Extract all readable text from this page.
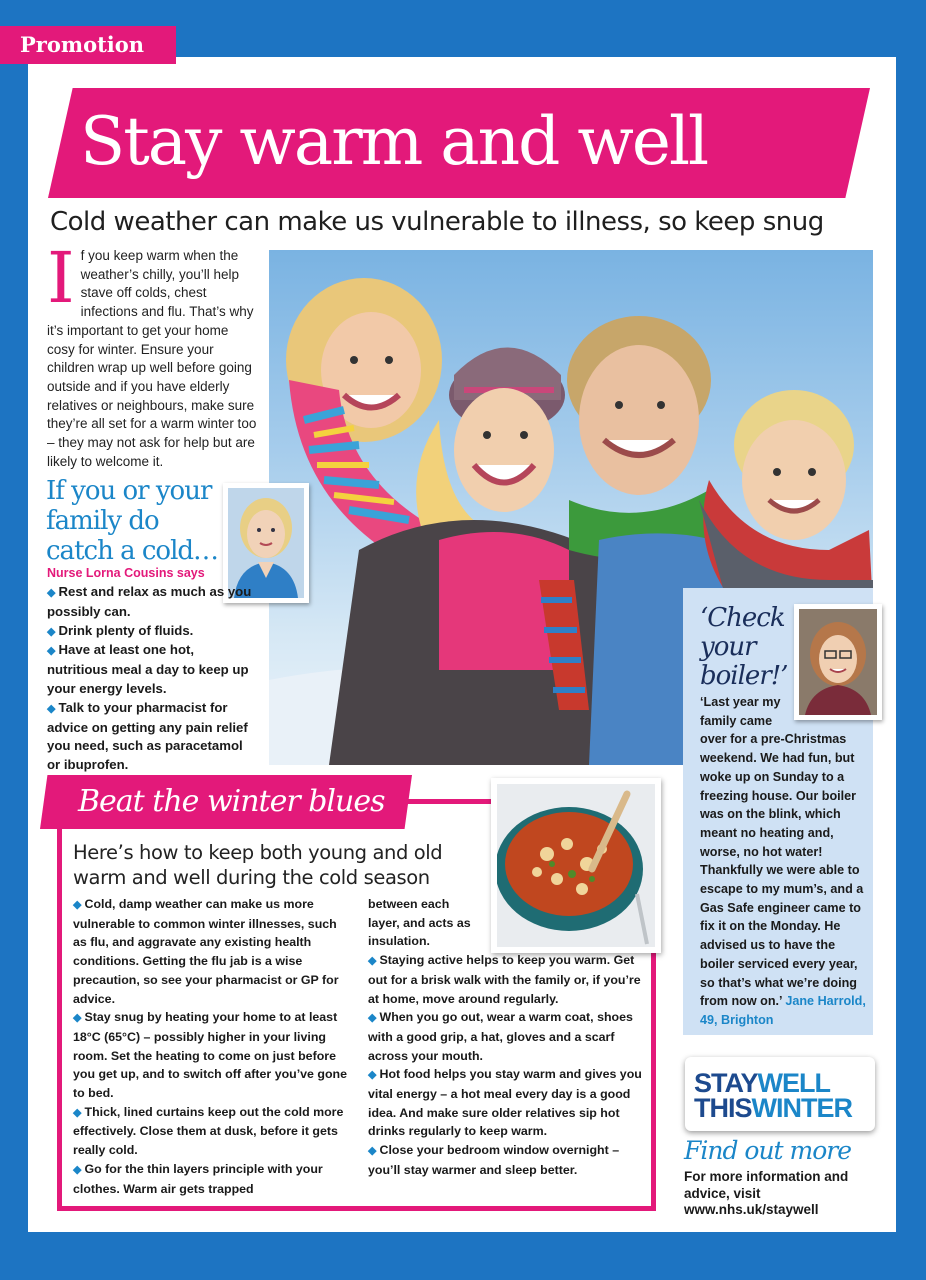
Promotion
Stay warm and well
Cold weather can make us vulnerable to illness, so keep snug
I f you keep warm when the weather’s chilly, you’ll help stave off colds, chest infections and flu. That’s why it’s important to get your home cosy for winter. Ensure your children wrap up well before going outside and if you have elderly relatives or neighbours, make sure they’re all set for a warm winter too – they may not ask for help but are likely to welcome it.
If you or your family do catch a cold…
Nurse Lorna Cousins says
◆ Rest and relax as much as you possibly can.
◆ Drink plenty of fluids.
◆ Have at least one hot, nutritious meal a day to keep up your energy levels.
◆ Talk to your pharmacist for advice on getting any pain relief you need, such as paracetamol or ibuprofen.
Beat the winter blues
Here’s how to keep both young and old warm and well during the cold season
◆ Cold, damp weather can make us more vulnerable to common winter illnesses, such as flu, and aggravate any existing health conditions. Getting the flu jab is a wise precaution, so see your pharmacist or GP for advice.
◆ Stay snug by heating your home to at least 18°C (65°C) – possibly higher in your living room. Set the heating to come on just before you get up, and to switch off after you’ve gone to bed.
◆ Thick, lined curtains keep out the cold more effectively. Close them at dusk, before it gets really cold.
◆ Go for the thin layers principle with your clothes. Warm air gets trapped
between each layer, and acts as insulation.
◆ Staying active helps to keep you warm. Get out for a brisk walk with the family or, if you’re at home, move around regularly.
◆ When you go out, wear a warm coat, shoes with a good grip, a hat, gloves and a scarf across your mouth.
◆ Hot food helps you stay warm and gives you vital energy – a hot meal every day is a good idea. And make sure older relatives sip hot drinks regularly to keep warm.
◆ Close your bedroom window overnight – you’ll stay warmer and sleep better.
‘Check your boiler!’
‘Last year my family came
over for a pre-Christmas weekend. We had fun, but woke up on Sunday to a freezing house. Our boiler was on the blink, which meant no heating and, worse, no hot water! Thankfully we were able to escape to my mum’s, and a Gas Safe engineer came to fix it on the Monday. He advised us to have the boiler serviced every year, so that’s what we’re doing from now on.’ Jane Harrold, 49, Brighton
STAYWELL
THISWINTER
Find out more
For more information and advice, visit www.nhs.uk/staywell
